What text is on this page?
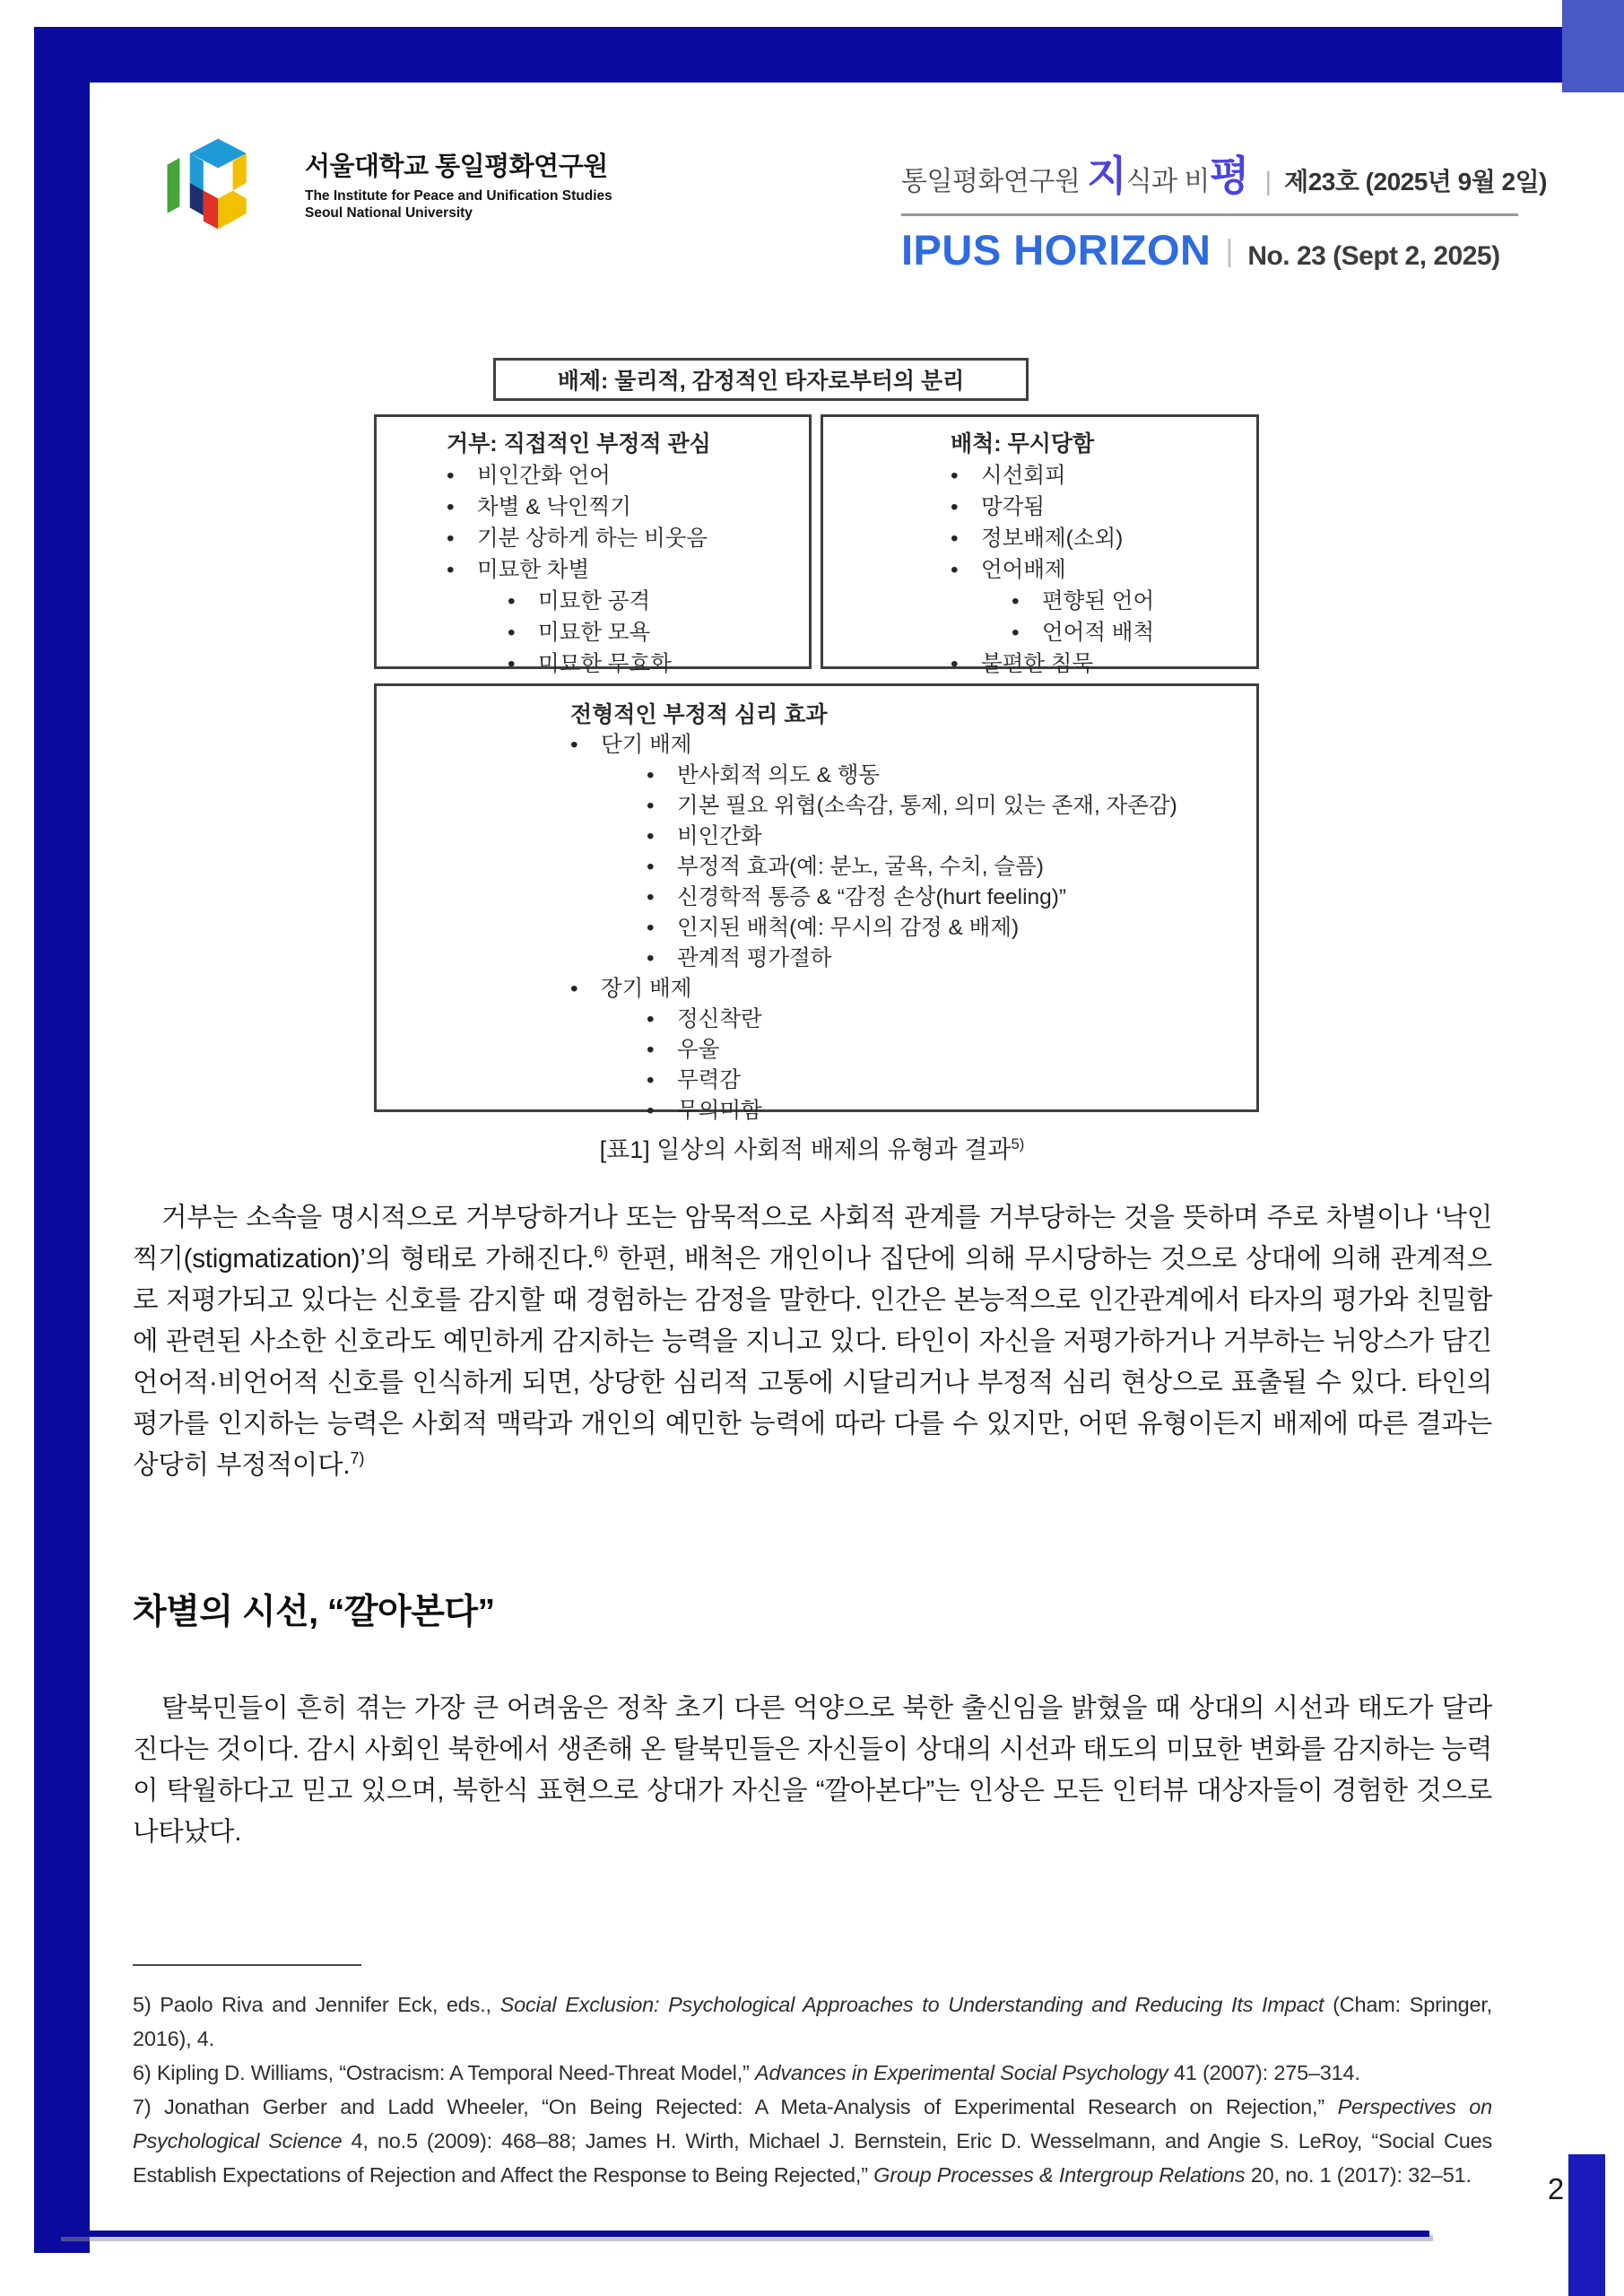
서울대학교 통일평화연구원
The Institute for Peace and Unification Studies
Seoul National University
통일평화연구원 지식과 비평 | 제23호 (2025년 9월 2일)
IPUS HORIZON | No. 23 (Sept 2, 2025)
배제: 물리적, 감정적인 타자로부터의 분리
거부: 직접적인 부정적 관심
•	비인간화 언어
•	차별 & 낙인찍기
•	기분 상하게 하는 비웃음
•	미묘한 차별
•	미묘한 공격
•	미묘한 모욕
•	미묘한 무효화
배척: 무시당함
•	시선회피
•	망각됨
•	정보배제(소외)
•	언어배제
•	편향된 언어
•	언어적 배척
•	불편한 침묵
전형적인 부정적 심리 효과
•	단기 배제
•	반사회적 의도 & 행동
•	기본 필요 위협(소속감, 통제, 의미 있는 존재, 자존감)
•	비인간화
•	부정적 효과(예: 분노, 굴욕, 수치, 슬픔)
•	신경학적 통증 & “감정 손상(hurt feeling)”
•	인지된 배척(예: 무시의 감정 & 배제)
•	관계적 평가절하
•	장기 배제
•	정신착란
•	우울
•	무력감
•	무의미함
[표1] 일상의 사회적 배제의 유형과 결과$^{5)}$
거부는 소속을 명시적으로 거부당하거나 또는 암묵적으로 사회적 관계를 거부당하는 것을 뜻하며 주로 차별이나 ‘낙인찍기(stigmatization)’의 형태로 가해진다.$^{6)}$ 한편, 배척은 개인이나 집단에 의해 무시당하는 것으로 상대에 의해 관계적으로 저평가되고 있다는 신호를 감지할 때 경험하는 감정을 말한다. 인간은 본능적으로 인간관계에서 타자의 평가와 친밀함에 관련된 사소한 신호라도 예민하게 감지하는 능력을 지니고 있다. 타인이 자신을 저평가하거나 거부하는 뉘앙스가 담긴 언어적·비언어적 신호를 인식하게 되면, 상당한 심리적 고통에 시달리거나 부정적 심리 현상으로 표출될 수 있다. 타인의 평가를 인지하는 능력은 사회적 맥락과 개인의 예민한 능력에 따라 다를 수 있지만, 어떤 유형이든지 배제에 따른 결과는 상당히 부정적이다.$^{7)}$
차별의 시선, “깔아본다”
탈북민들이 흔히 겪는 가장 큰 어려움은 정착 초기 다른 억양으로 북한 출신임을 밝혔을 때 상대의 시선과 태도가 달라진다는 것이다. 감시 사회인 북한에서 생존해 온 탈북민들은 자신들이 상대의 시선과 태도의 미묘한 변화를 감지하는 능력이 탁월하다고 믿고 있으며, 북한식 표현으로 상대가 자신을 “깔아본다”는 인상은 모든 인터뷰 대상자들이 경험한 것으로 나타났다.
5) Paolo Riva and Jennifer Eck, eds., Social Exclusion: Psychological Approaches to Understanding and Reducing Its Impact (Cham: Springer, 2016), 4.
6) Kipling D. Williams, “Ostracism: A Temporal Need-Threat Model,” Advances in Experimental Social Psychology 41 (2007): 275–314.
7) Jonathan Gerber and Ladd Wheeler, “On Being Rejected: A Meta-Analysis of Experimental Research on Rejection,” Perspectives on Psychological Science 4, no.5 (2009): 468–88; James H. Wirth, Michael J. Bernstein, Eric D. Wesselmann, and Angie S. LeRoy, “Social Cues Establish Expectations of Rejection and Affect the Response to Being Rejected,” Group Processes & Intergroup Relations 20, no. 1 (2017): 32–51.	2
